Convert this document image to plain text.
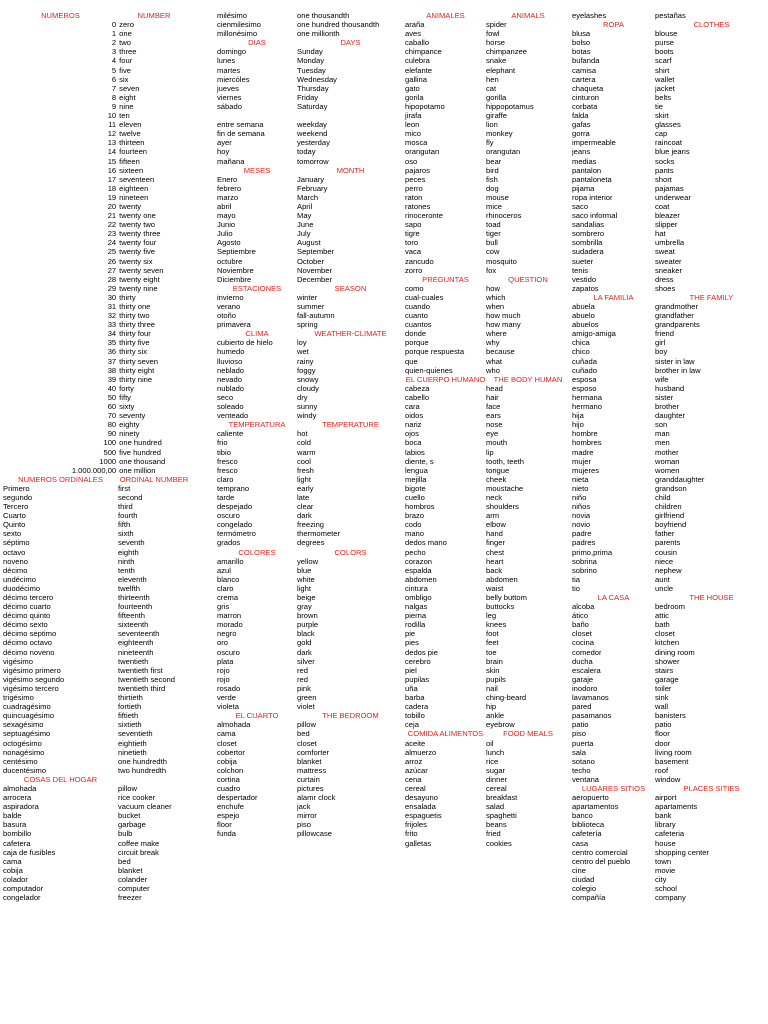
NUMEROS	NUMBER
0 zero
1 one
2 two
3 three
4 four
5 five
6 six
7 seven
8 eight
9 nine
10 ten
11 eleven
12 twelve
13 thirteen
14 fourteen
15 fifteen
16 sixteen
17 seventeen
18 eighteen
19 nineteen
20 twenty
21 twenty one
22 twenty two
23 twenty three
24 twenty four
25 twenty five
26 twenty six
27 twenty seven
28 twenty eight
29 twenty nine
30 thirty
31 thirty one
32 thirty two
33 thirty three
34 thirty four
35 thirty five
36 thirty six
37 thirty seven
38 thirty eight
39 thirty nine
40 forty
50 fifty
60 sixty
70 seventy
80 eighty
90 ninety
100 one hundred
500 five hundred
1000 one thousand
1.000.000,00 one million
NUMEROS ORDINALES	ORDINAL NUMBER
Primero	first
segundo	second
Tercero	third
Cuarto	fourth
Quinto	fifth
sexto	sixth
séptimo	seventh
octavo	eighth
noveno	ninth
décimo	tenth
undécimo	eleventh
duodécimo	twelfth
décimo tercero	thirteenth
décimo cuarto	fourteenth
décimo quinto	fifteenth
décimo sexto	sixteenth
décimo septimo	seventeenth
décimo octavo	eighteenth
décimo noveno	nineteenth
vigésimo	twentieth
vigésimo primero	twentieth first
vigésimo segundo	twentieth second
vigésimo tercero	twentieth third
trigésimo	thirtieth
cuadragésimo	fortieth
quincuagésimo	fiftieth
sexagésimo	sixtieth
septuagésimo	seventieth
octogésimo	eightieth
nonagésimo	ninetieth
centésimo	one hundredth
ducentésimo	two hundredth
COSAS DEL HOGAR
almohada	pillow
arrocera	rice cooker
aspiradora	vacuum cleaner
balde	bucket
basura	garbage
bombillo	bulb
cafetera	coffee make
caja de fusibles	circuit break
cama	bed
cobija	blanket
colador	colander
computador	computer
congelador	freezer
milésimo	one thousandth
cienmilesimo	one hundred thousandth
millonésimo	one millionth
DIAS	DAYS
domingo	Sunday
lunes	Monday
martes	Tuesday
miercóles	Wednesday
jueves	Thursday
viernes	Friday
sábado	Saturday
entre semana	weekday
fin de semana	weekend
ayer	yesterday
hoy	today
mañana	tomorrow
MESES	MONTH
Enero	January
febrero	February
marzo	March
abril	April
mayo	May
Junio	June
Julio	July
Agosto	August
Septiembre	September
octubre	October
Noviembre	November
Diciembre	December
ESTACIONES	SEASON
invierno	winter
verano	summer
otoño	fall-autumn
primavera	spring
CLIMA	WEATHER-CLIMATE
cubierto de hielo	loy
humedo	wet
lluvioso	rainy
neblado	foggy
nevado	snowy
nublado	cloudy
seco	dry
soleado	sunny
venteado	windy
TEMPERATURA	TEMPERATURE
caliente	hot
frio	cold
tibio	warm
fresco	cool
fresco	fresh
claro	light
temprano	early
tarde	late
despejado	clear
oscuro	dark
congelado	freezing
termómetro	thermometer
grados	degrees
COLORES	COLORS
amarillo	yellow
azul	blue
blanco	white
claro	light
crema	beige
gris	gray
marron	brown
morado	purple
negro	black
oro	gold
oscuro	dark
plata	silver
rojo	red
rojo	red
rosado	pink
verde	green
violeta	violet
EL CUARTO	THE BEDROOM
almohada	pillow
cama	bed
closet	closet
cobertor	comforter
cobija	blanket
colchon	mattress
cortina	curtain
cuadro	pictures
despertador	alamr clock
enchufe	jack
espejo	mirror
floor	piso
funda	pillowcase
ANIMALES	ANIMALS
araña	spider
aves	fowl
caballo	horse
chimpance	chimpanzee
culebra	snake
elefante	elephant
gallina	hen
gato	cat
gorila	gorilla
hipopotamo	hippopotamus
jirafa	giraffe
leon	lion
mico	monkey
mosca	fly
orangutan	orangutan
oso	bear
pajaros	bird
peces	fish
perro	dog
raton	mouse
ratones	mice
rinoceronte	rhinoceros
sapo	toad
tigre	tiger
toro	bull
vaca	cow
zancudo	mosquito
zorro	fox
PREGUNTAS	QUESTION
como	how
cual-cuales	which
cuando	when
cuanto	how much
cuantos	how many
donde	where
porque	why
porque respuesta	because
que	what
quien-quienes	who
EL CUERPO HUMANO	THE BODY HUMAN
cabeza	head
cabello	hair
cara	face
oidos	ears
nariz	nose
ojos	eye
boca	mouth
labios	lip
diente, s	tooth, teeth
lengua	tongue
mejilla	cheek
bigote	moustache
cuello	neck
hombros	shoulders
brazo	arm
codo	elbow
mano	hand
dedos mano	finger
pecho	chest
corazon	heart
espalda	back
abdomen	abdomen
cintura	waist
ombligo	belly buttom
nalgas	buttocks
pierna	leg
rodilla	knees
pie	foot
pies	feet
dedos pie	toe
cerebro	brain
piel	skin
pupilas	pupils
uña	nail
barba	ching-beard
cadera	hip
tobillo	ankle
ceja	eyebrow
COMIDA ALIMENTOS	FOOD MEALS
aceite	oil
almuerzo	lunch
arroz	rice
azúcar	sugar
cena	dinner
cereal	cereal
desayuno	breakfast
ensalada	salad
espaguetis	spaghetti
frijoles	beans
frito	fried
galletas	cookies
eyelashes	pestañas
ROPA	CLOTHES
blusa	blouse
bolso	purse
botas	boots
bufanda	scarf
camisa	shirt
cartera	wallet
chaqueta	jacket
cinturon	belts
corbata	tie
falda	skirt
gafas	glasses
gorra	cap
impermeable	raincoat
jeans	blue jeans
medias	socks
pantalon	pants
pantaloneta	short
pijama	pajamas
ropa interior	underwear
saco	coat
saco informal	bleazer
sandalias	slipper
sombrero	hat
sombrilla	umbrella
sudadera	sweat
sueter	sweater
tenis	sneaker
vestido	dress
zapatos	shoes
LA FAMILIA	THE FAMILY
abuela	grandmother
abuelo	grandfather
abuelos	grandparents
amigo-amiga	friend
chica	girl
chico	boy
cuñada	sister in law
cuñado	brother in law
esposa	wife
esposo	husband
hermana	sister
hermano	brother
hija	daughter
hijo	son
hombre	man
hombres	men
madre	mother
mujer	woman
mujeres	women
nieta	granddaughter
nieto	grandson
niño	child
niños	children
novia	girlfriend
novio	boyfriend
padre	father
padres	parents
primo,prima	cousin
sobrina	niece
sobrino	nephew
tia	aunt
tio	uncle
LA CASA	THE HOUSE
alcoba	bedroom
ático	attic
baño	bath
closet	closet
cocina	kitchen
comedor	dining room
ducha	shower
escalera	stairs
garaje	garage
inodoro	toiler
lavamanos	sink
pared	wall
pasamanos	banisters
patio	patio
piso	floor
puerta	door
sala	living room
sotano	basement
techo	roof
ventana	window
LUGARES SITIOS	PLACES SITIES
aeropuerto	airport
apartamentos	apartaments
banco	bank
biblioteca	library
cafetería	cafeteria
casa	house
centro comercial	shopping center
centro del pueblo	town
cine	movie
ciudad	city
colegio	school
compañía	company
